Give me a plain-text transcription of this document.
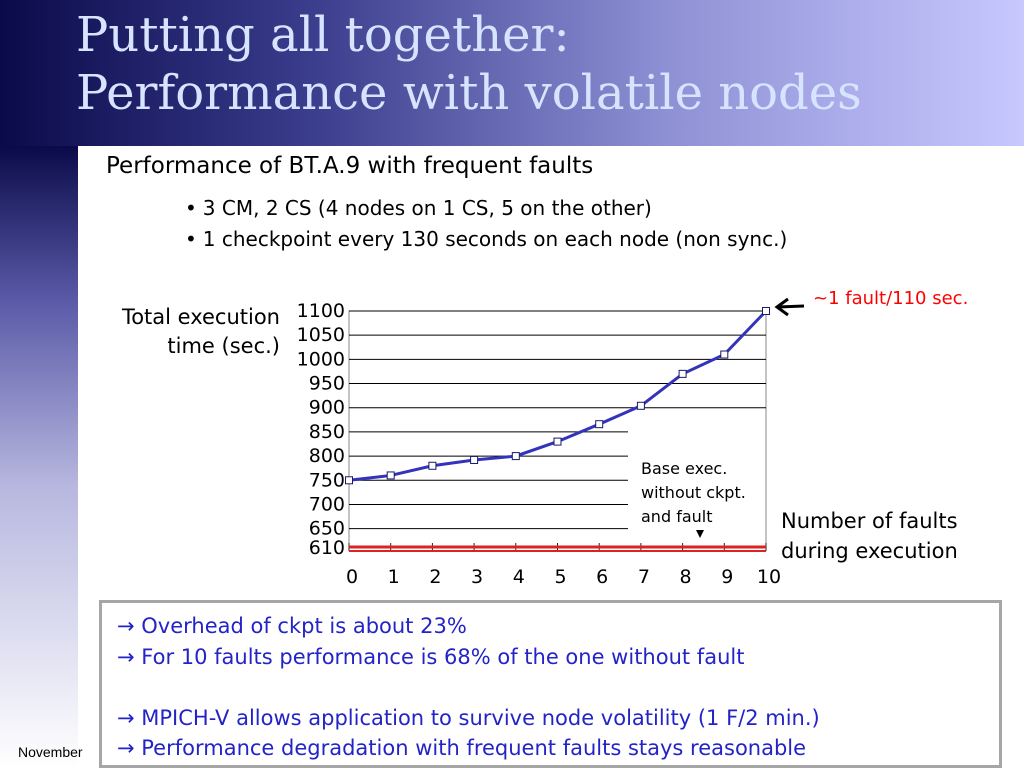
Putting all together:
Performance with volatile nodes
Performance of BT.A.9 with frequent faults
• 3 CM, 2 CS (4 nodes on 1 CS, 5 on the other)
• 1 checkpoint every 130 seconds on each node (non sync.)
Total execution
time (sec.)
610
650
700
750
800
850
900
950
1000
1050
1100
0 1 2 3 4 5 6 7 8 9 10
~1 fault/110 sec.
Base exec.
without ckpt.
and fault	Number of faults
during execution
→ Overhead of ckpt is about 23%
→ For 10 faults performance is 68% of the one without fault
→ MPICH-V allows application to survive node volatility (1 F/2 min.)
→ Performance degradation with frequent faults stays reasonable
November
